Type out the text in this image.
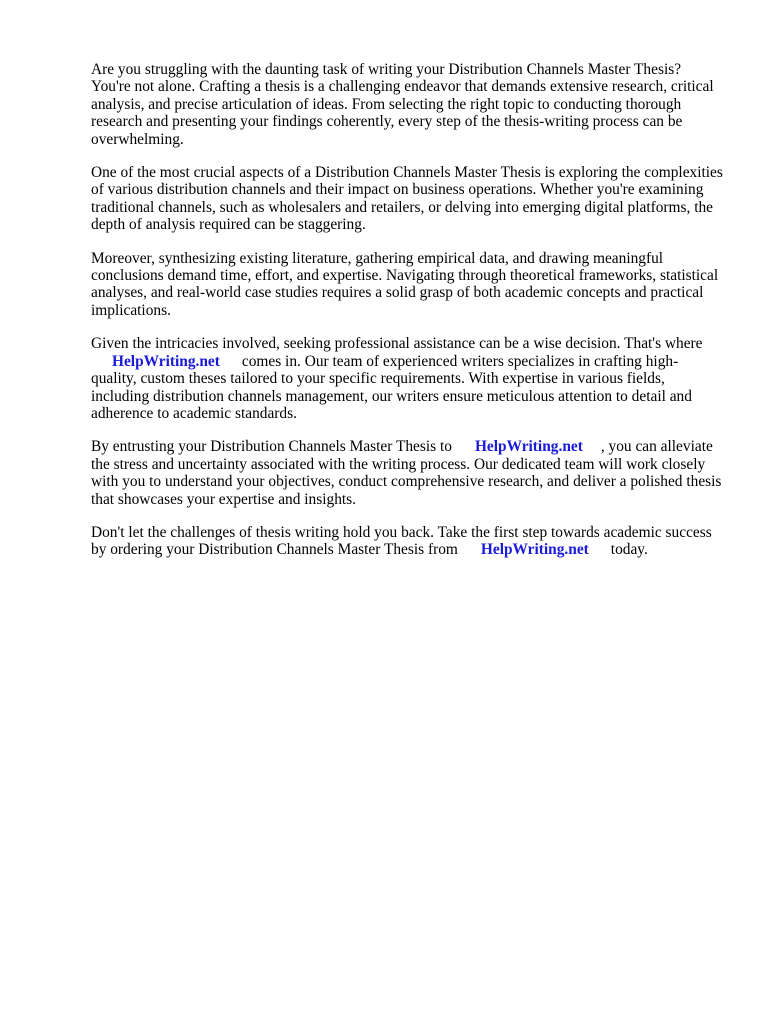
Are you struggling with the daunting task of writing your Distribution Channels Master Thesis? You're not alone. Crafting a thesis is a challenging endeavor that demands extensive research, critical analysis, and precise articulation of ideas. From selecting the right topic to conducting thorough research and presenting your findings coherently, every step of the thesis-writing process can be overwhelming.

One of the most crucial aspects of a Distribution Channels Master Thesis is exploring the complexities of various distribution channels and their impact on business operations. Whether you're examining traditional channels, such as wholesalers and retailers, or delving into emerging digital platforms, the depth of analysis required can be staggering.

Moreover, synthesizing existing literature, gathering empirical data, and drawing meaningful conclusions demand time, effort, and expertise. Navigating through theoretical frameworks, statistical analyses, and real-world case studies requires a solid grasp of both academic concepts and practical implications.

Given the intricacies involved, seeking professional assistance can be a wise decision. That's where
HelpWriting.net comes in. Our team of experienced writers specializes in crafting high-quality, custom theses tailored to your specific requirements. With expertise in various fields, including distribution channels management, our writers ensure meticulous attention to detail and adherence to academic standards.

By entrusting your Distribution Channels Master Thesis to HelpWriting.net , you can alleviate the stress and uncertainty associated with the writing process. Our dedicated team will work closely with you to understand your objectives, conduct comprehensive research, and deliver a polished thesis that showcases your expertise and insights.

Don't let the challenges of thesis writing hold you back. Take the first step towards academic success by ordering your Distribution Channels Master Thesis from HelpWriting.net today.
